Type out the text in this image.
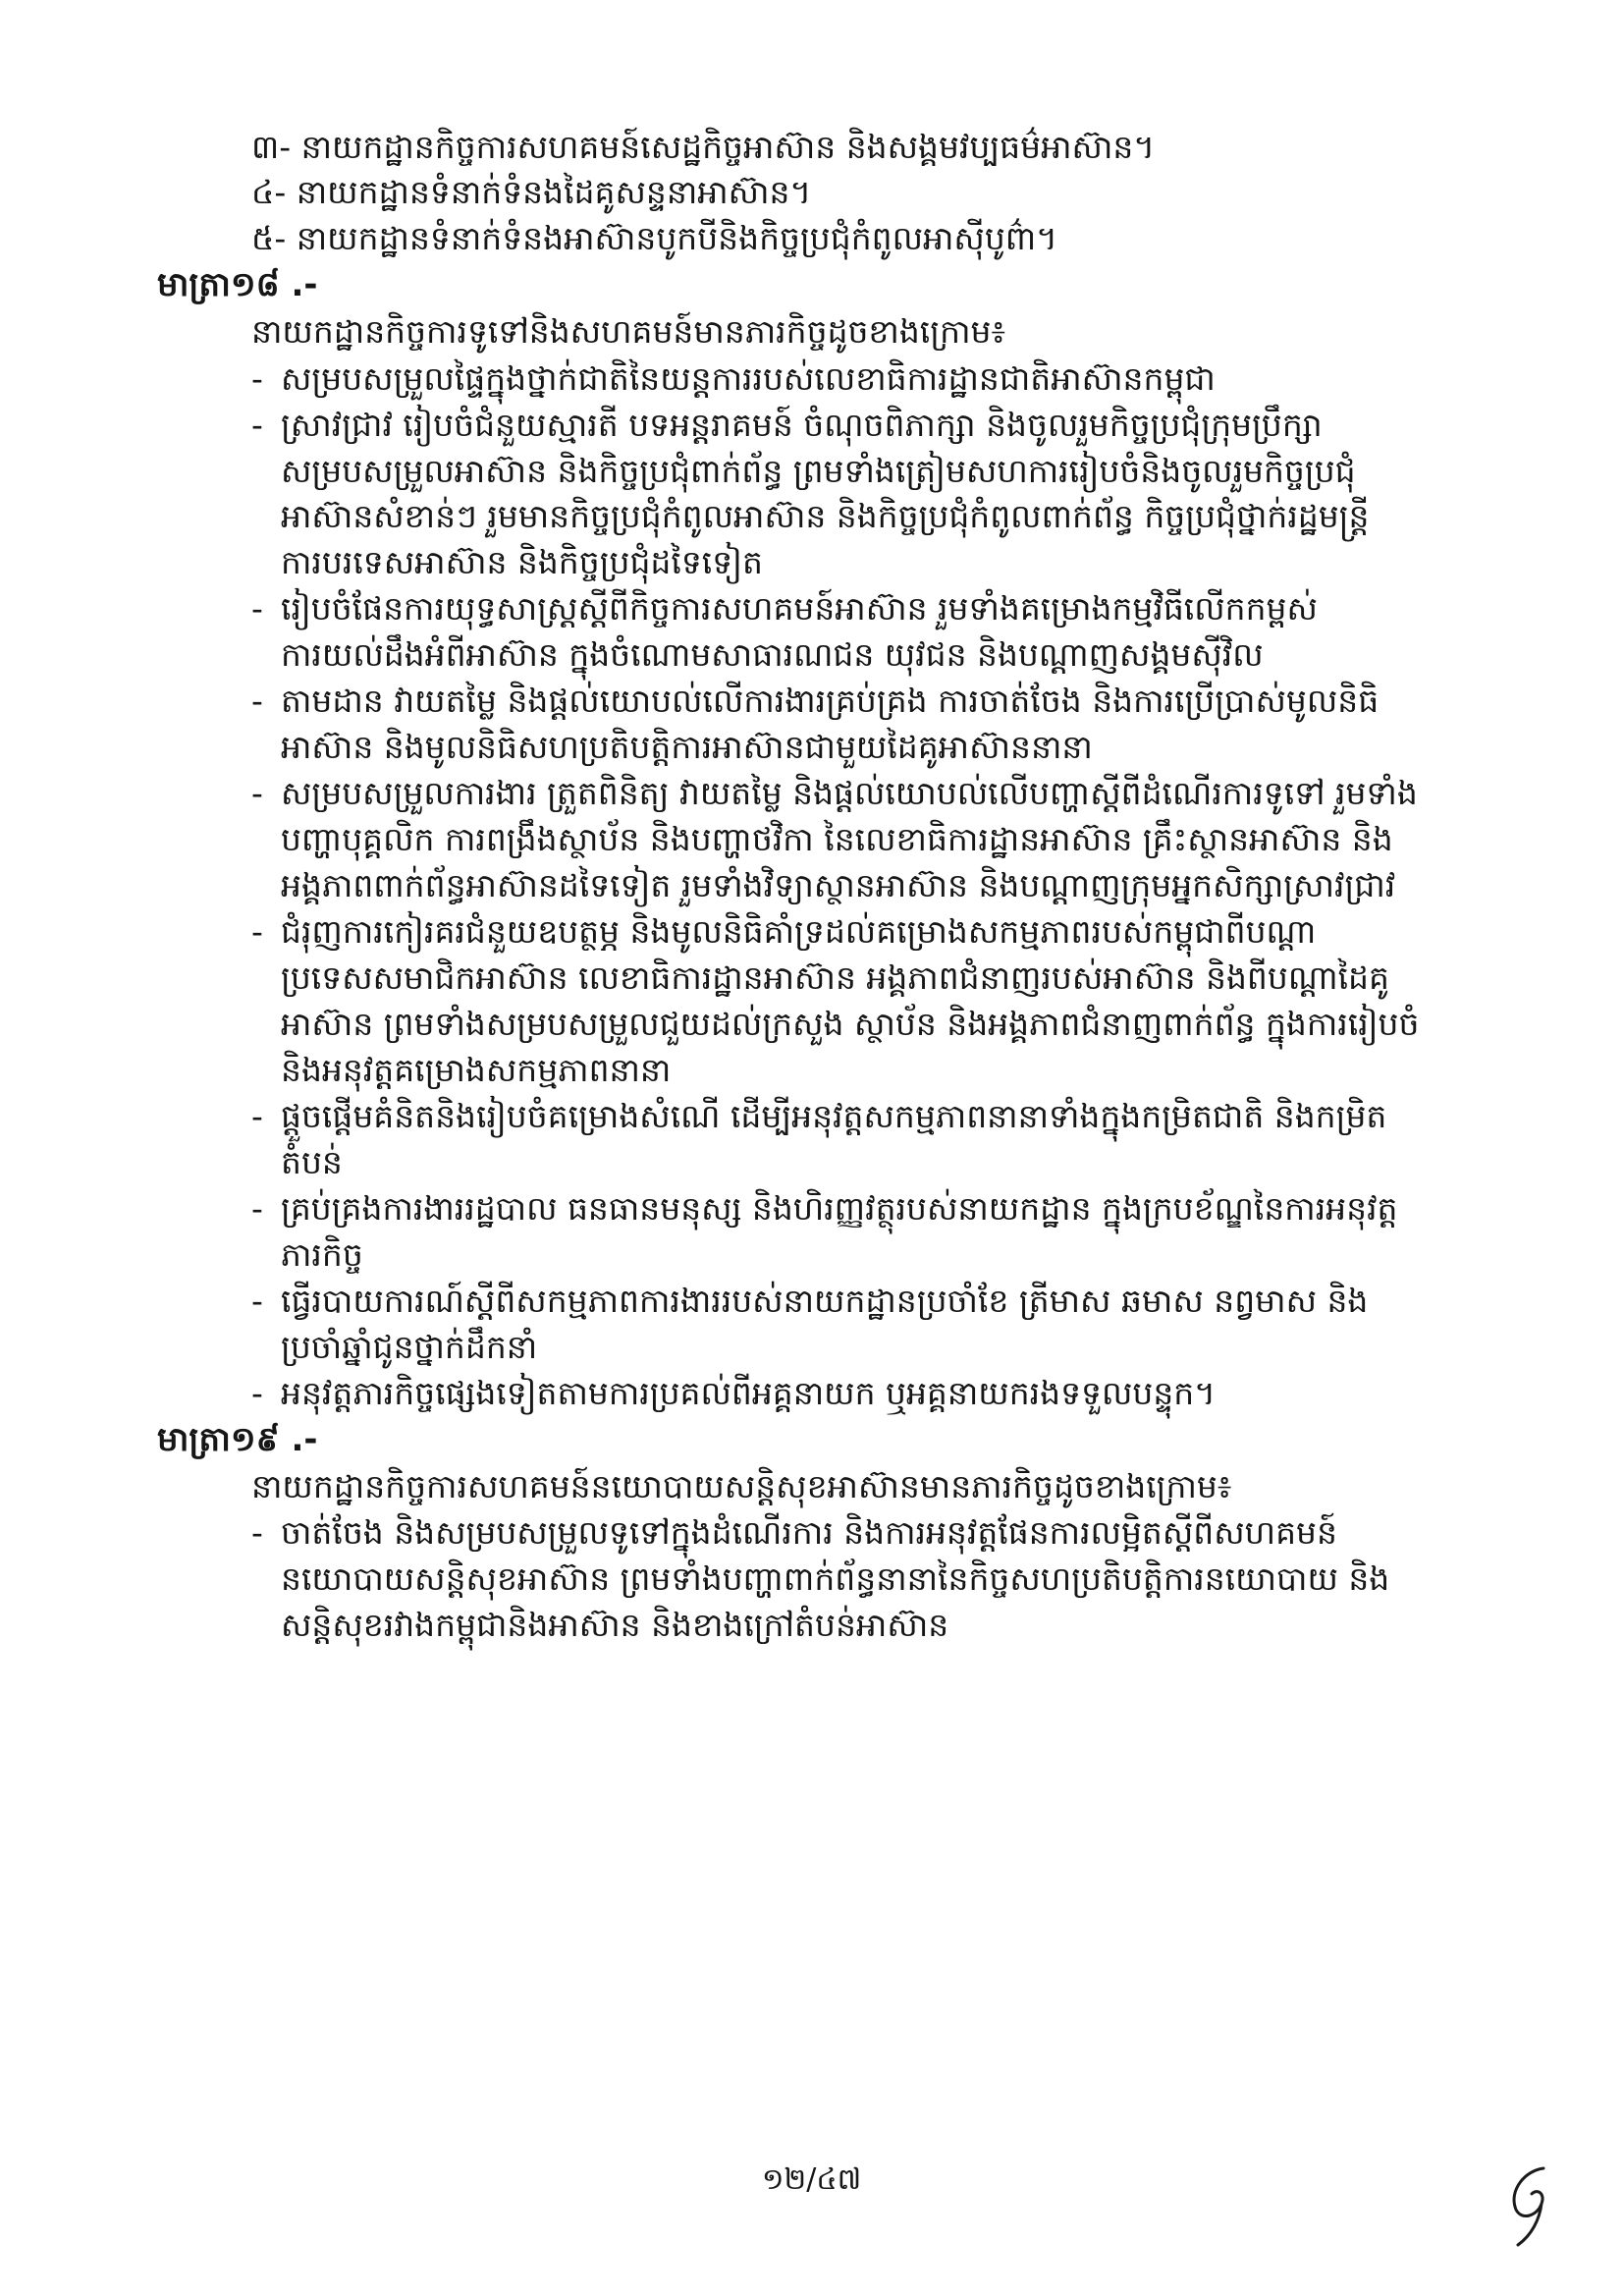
៣- នាយកដ្ឋានកិច្ចការសហគមន៍សេដ្ឋកិច្ចអាស៊ាន និងសង្គមវប្បធម៌អាស៊ាន។
៤- នាយកដ្ឋានទំនាក់ទំនងដៃគូសន្ទនាអាស៊ាន។
៥- នាយកដ្ឋានទំនាក់ទំនងអាស៊ានបូកបីនិងកិច្ចប្រជុំកំពូលអាស៊ីបូព៌ា។
មាត្រា១៨ .-
នាយកដ្ឋានកិច្ចការទូទៅនិងសហគមន៍មានភារកិច្ចដូចខាងក្រោម៖
- សម្របសម្រួលផ្ទៃក្នុងថ្នាក់ជាតិនៃយន្តការរបស់លេខាធិការដ្ឋានជាតិអាស៊ានកម្ពុជា
- ស្រាវជ្រាវ រៀបចំជំនួយស្មារតី បទអន្តរាគមន៍ ចំណុចពិភាក្សា និងចូលរួមកិច្ចប្រជុំក្រុមប្រឹក្សា
សម្របសម្រួលអាស៊ាន និងកិច្ចប្រជុំពាក់ព័ន្ធ ព្រមទាំងត្រៀមសហការរៀបចំនិងចូលរួមកិច្ចប្រជុំ
អាស៊ានសំខាន់ៗ រួមមានកិច្ចប្រជុំកំពូលអាស៊ាន និងកិច្ចប្រជុំកំពូលពាក់ព័ន្ធ កិច្ចប្រជុំថ្នាក់រដ្ឋមន្ត្រី
ការបរទេសអាស៊ាន និងកិច្ចប្រជុំដទៃទៀត
- រៀបចំផែនការយុទ្ធសាស្ត្រស្តីពីកិច្ចការសហគមន៍អាស៊ាន រួមទាំងគម្រោងកម្មវិធីលើកកម្ពស់
ការយល់ដឹងអំពីអាស៊ាន ក្នុងចំណោមសាធារណជន យុវជន និងបណ្តាញសង្គមស៊ីវិល
- តាមដាន វាយតម្លៃ និងផ្តល់យោបល់លើការងារគ្រប់គ្រង ការចាត់ចែង និងការប្រើប្រាស់មូលនិធិ
អាស៊ាន និងមូលនិធិសហប្រតិបត្តិការអាស៊ានជាមួយដៃគូអាស៊ាននានា
- សម្របសម្រួលការងារ ត្រួតពិនិត្យ វាយតម្លៃ និងផ្តល់យោបល់លើបញ្ហាស្តីពីដំណើរការទូទៅ រួមទាំង
បញ្ហាបុគ្គលិក ការពង្រឹងស្ថាប័ន និងបញ្ហាថវិកា នៃលេខាធិការដ្ឋានអាស៊ាន គ្រឹះស្ថានអាស៊ាន និង
អង្គភាពពាក់ព័ន្ធអាស៊ានដទៃទៀត រួមទាំងវិទ្យាស្ថានអាស៊ាន និងបណ្តាញក្រុមអ្នកសិក្សាស្រាវជ្រាវ
- ជំរុញការកៀរគរជំនួយឧបត្ថម្ភ និងមូលនិធិគាំទ្រដល់គម្រោងសកម្មភាពរបស់កម្ពុជាពីបណ្តា
ប្រទេសសមាជិកអាស៊ាន លេខាធិការដ្ឋានអាស៊ាន អង្គភាពជំនាញរបស់អាស៊ាន និងពីបណ្តាដៃគូ
អាស៊ាន ព្រមទាំងសម្របសម្រួលជួយដល់ក្រសួង ស្ថាប័ន និងអង្គភាពជំនាញពាក់ព័ន្ធ ក្នុងការរៀបចំ
និងអនុវត្តគម្រោងសកម្មភាពនានា
- ផ្តួចផ្តើមគំនិតនិងរៀបចំគម្រោងសំណើ ដើម្បីអនុវត្តសកម្មភាពនានាទាំងក្នុងកម្រិតជាតិ និងកម្រិត
តំបន់
- គ្រប់គ្រងការងាររដ្ឋបាល ធនធានមនុស្ស និងហិរញ្ញវត្ថុរបស់នាយកដ្ឋាន ក្នុងក្របខ័ណ្ឌនៃការអនុវត្ត
ភារកិច្ច
- ធ្វើរបាយការណ៍ស្តីពីសកម្មភាពការងាររបស់នាយកដ្ឋានប្រចាំខែ ត្រីមាស ឆមាស នព្វមាស និង
ប្រចាំឆ្នាំជូនថ្នាក់ដឹកនាំ
- អនុវត្តភារកិច្ចផ្សេងទៀតតាមការប្រគល់ពីអគ្គនាយក ឬអគ្គនាយករងទទួលបន្ទុក។
មាត្រា១៩ .-
នាយកដ្ឋានកិច្ចការសហគមន៍នយោបាយសន្តិសុខអាស៊ានមានភារកិច្ចដូចខាងក្រោម៖
- ចាត់ចែង និងសម្របសម្រួលទូទៅក្នុងដំណើរការ និងការអនុវត្តផែនការលម្អិតស្តីពីសហគមន៍
នយោបាយសន្តិសុខអាស៊ាន ព្រមទាំងបញ្ហាពាក់ព័ន្ធនានានៃកិច្ចសហប្រតិបត្តិការនយោបាយ និង
សន្តិសុខរវាងកម្ពុជានិងអាស៊ាន និងខាងក្រៅតំបន់អាស៊ាន
១២/៤៧
